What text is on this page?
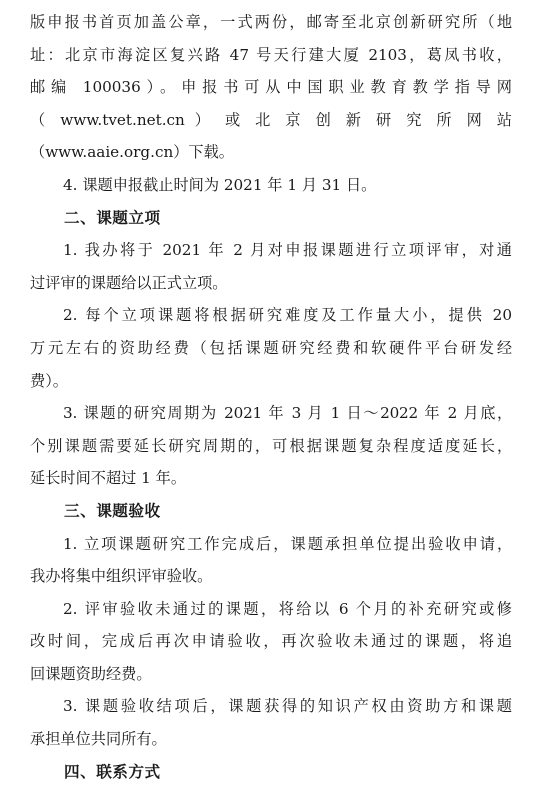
版申报书首页加盖公章，一式两份，邮寄至北京创新研究所（地
址：北京市海淀区复兴路 47 号天行建大厦 2103，葛凤书收，
邮编 100036）。申报书可从中国职业教育教学指导网
（ www.tvet.net.cn ） 或 北 京 创 新 研 究 所 网 站
（www.aaie.org.cn）下载。
4. 课题申报截止时间为 2021 年 1 月 31 日。
二、课题立项
1. 我办将于 2021 年 2 月对申报课题进行立项评审，对通
过评审的课题给以正式立项。
2. 每个立项课题将根据研究难度及工作量大小，提供 20
万元左右的资助经费（包括课题研究经费和软硬件平台研发经
费）。
3. 课题的研究周期为 2021 年 3 月 1 日～2022 年 2 月底，
个别课题需要延长研究周期的，可根据课题复杂程度适度延长，
延长时间不超过 1 年。
三、课题验收
1. 立项课题研究工作完成后，课题承担单位提出验收申请，
我办将集中组织评审验收。
2. 评审验收未通过的课题，将给以 6 个月的补充研究或修
改时间，完成后再次申请验收，再次验收未通过的课题，将追
回课题资助经费。
3. 课题验收结项后，课题获得的知识产权由资助方和课题
承担单位共同所有。
四、联系方式
